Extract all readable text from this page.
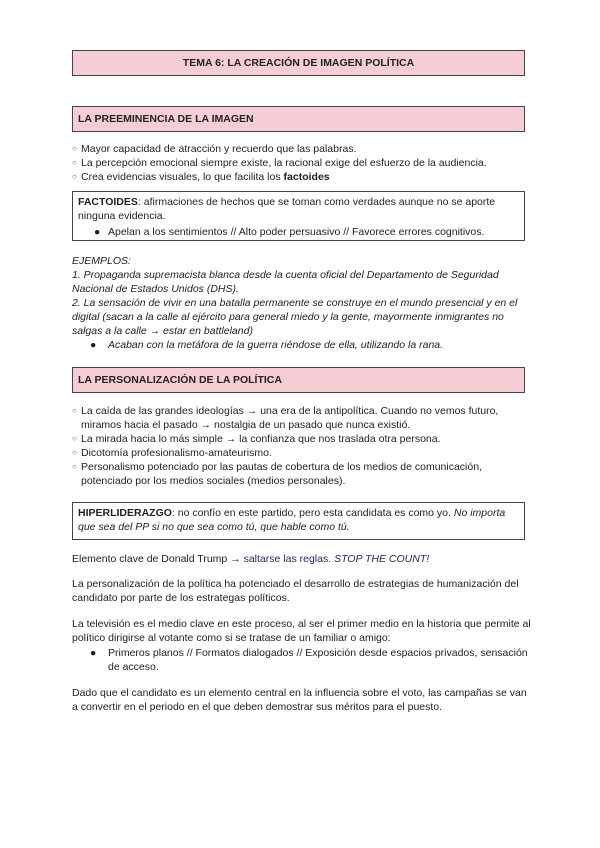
TEMA 6: LA CREACIÓN DE IMAGEN POLÍTICA
LA PREEMINENCIA DE LA IMAGEN
○ Mayor capacidad de atracción y recuerdo que las palabras.
○ La percepción emocional siempre existe, la racional exige del esfuerzo de la audiencia.
○ Crea evidencias visuales, lo que facilita los factoides
FACTOIDES: afirmaciones de hechos que se toman como verdades aunque no se aporte ninguna evidencia.
● Apelan a los sentimientos // Alto poder persuasivo // Favorece errores cognitivos.
EJEMPLOS:
1. Propaganda supremacista blanca desde la cuenta oficial del Departamento de Seguridad Nacional de Estados Unidos (DHS).
2. La sensación de vivir en una batalla permanente se construye en el mundo presencial y en el digital (sacan a la calle al ejército para general miedo y la gente, mayormente inmigrantes no salgas a la calle → estar en battleland)
●	Acaban con la metáfora de la guerra riéndose de ella, utilizando la rana.
LA PERSONALIZACIÓN DE LA POLÍTICA
○ La caída de las grandes ideologías → una era de la antipolítica. Cuando no vemos futuro, miramos hacia el pasado → nostalgia de un pasado que nunca existió.
○ La mirada hacia lo más simple → la confianza que nos traslada otra persona.
○ Dicotomía profesionalismo-amateurismo.
○ Personalismo potenciado por las pautas de cobertura de los medios de comunicación, potenciado por los medios sociales (medios personales).
HIPERLIDERAZGO: no confío en este partido, pero esta candidata es como yo. No importa que sea del PP si no que sea como tú, que hable como tú.
Elemento clave de Donald Trump → saltarse las reglas. STOP THE COUNT!
La personalización de la política ha potenciado el desarrollo de estrategias de humanización del candidato por parte de los estrategas políticos.
La televisión es el medio clave en este proceso, al ser el primer medio en la historia que permite al político dirigirse al votante como si se tratase de un familiar o amigo:
●	Primeros planos // Formatos dialogados // Exposición desde espacios privados, sensación de acceso.
Dado que el candidato es un elemento central en la influencia sobre el voto, las campañas se van a convertir en el periodo en el que deben demostrar sus méritos para el puesto.
